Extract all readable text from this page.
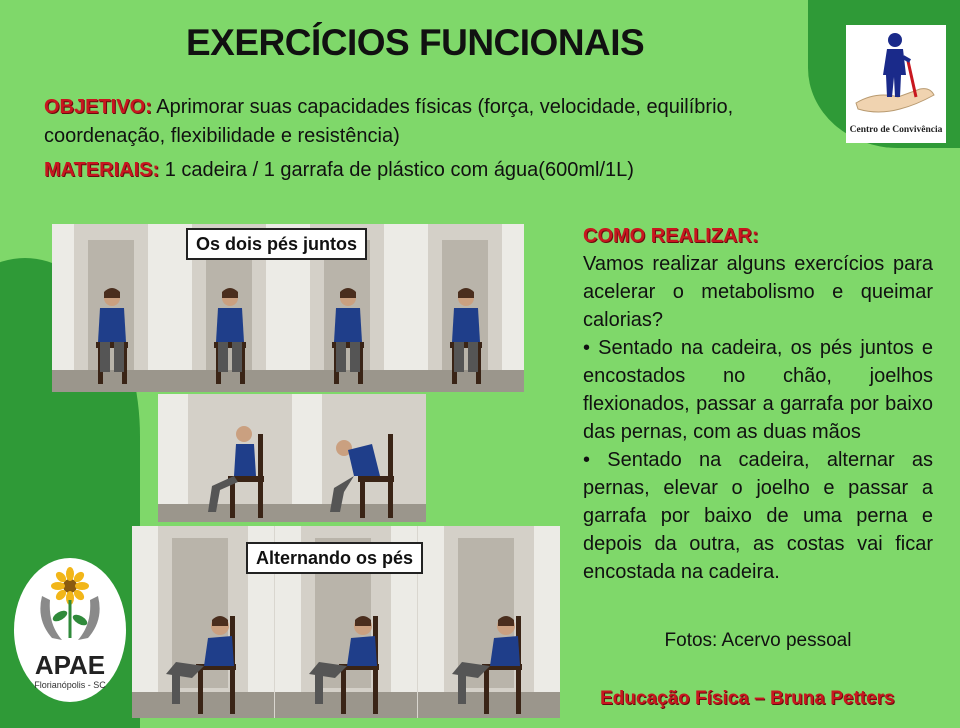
EXERCÍCIOS FUNCIONAIS
OBJETIVO: Aprimorar suas capacidades físicas (força, velocidade, equilíbrio,
coordenação, flexibilidade e resistência)
MATERIAIS: 1 cadeira / 1 garrafa de plástico com água(600ml/1L)
Centro de Convivência
Os dois pés juntos
Alternando os pés
COMO REALIZAR:
Vamos realizar alguns exercícios para acelerar o metabolismo e queimar calorias?
• Sentado na cadeira, os pés juntos e encostados no chão, joelhos flexionados, passar a garrafa por baixo das pernas, com as duas mãos
• Sentado na cadeira, alternar as pernas, elevar o joelho e passar a garrafa por baixo de uma perna e depois da outra, as costas vai ficar encostada na cadeira.
Fotos: Acervo pessoal
Educação Física – Bruna Petters
APAE
Florianópolis - SC
